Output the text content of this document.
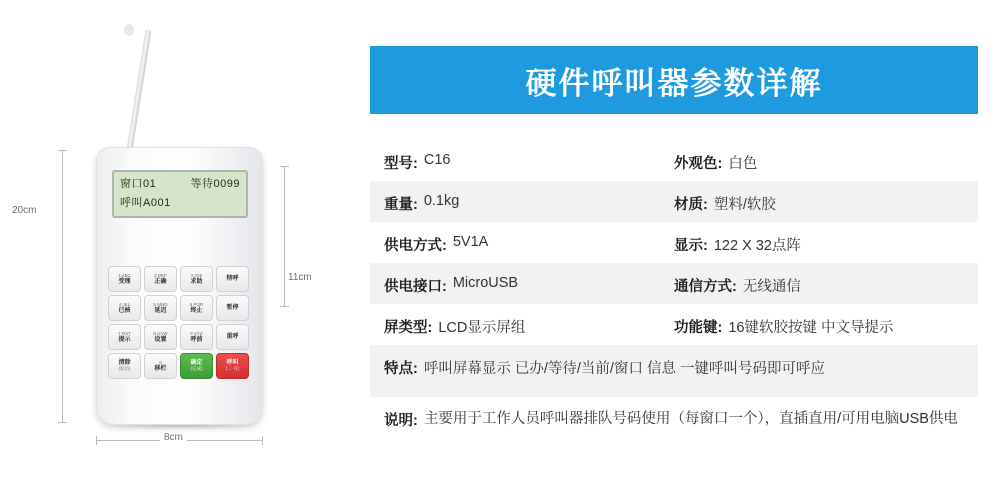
窗口01	等待0099
呼叫A001
1 ABC
受理
2 DEF
正确
3 GHI
求助
特呼
4 JKL
已核
5 MNO
延迟
6 PQR
终止
暂停
7 RST
提示
8 UVW
设置
9 XYZ
呼前
重呼
清除
(取消)
0
移栏
确定
(完成)
呼叫
(→ 号)
20cm
11cm
8cm
硬件呼叫器参数详解
型号: C16	外观色: 白色
重量: 0.1kg	材质: 塑料/软胶
供电方式: 5V1A	显示: 122 X 32点阵
供电接口: MicroUSB	通信方式: 无线通信
屏类型: LCD显示屏组	功能键: 16键软胶按键 中文导提示
特点: 呼叫屏幕显示 已办/等待/当前/窗口 信息 一键呼叫号码即可呼应
说明: 主要用于工作人员呼叫器排队号码使用（每窗口一个），直插直用/可用电脑USB供电
